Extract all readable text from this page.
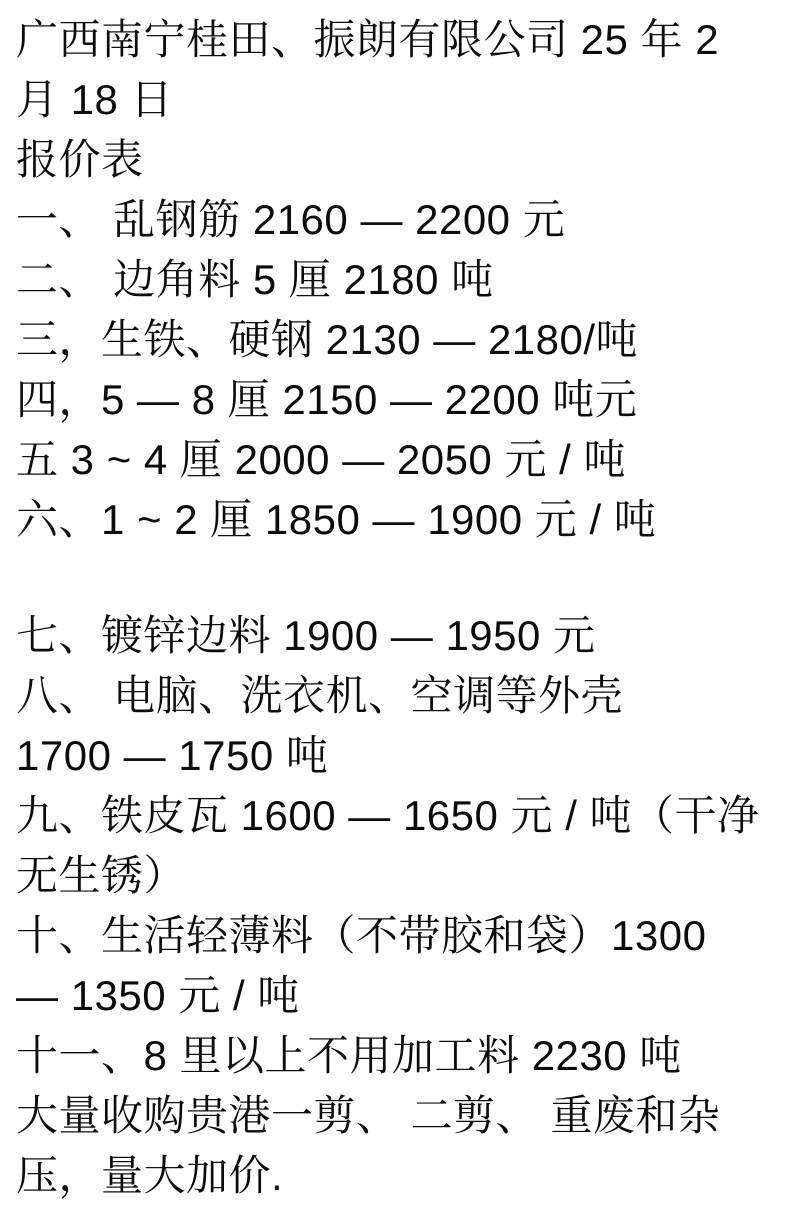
广西南宁桂田、振朗有限公司 25 年 2
月 18 日
报价表
一、 乱钢筋 2160 — 2200 元
二、 边角料 5 厘 2180 吨
三，生铁、硬钢 2130 — 2180/吨
四，5 — 8 厘 2150 — 2200 吨元
五 3 ~ 4 厘 2000 — 2050 元 / 吨
六、1 ~ 2 厘 1850 — 1900 元 / 吨
七、镀锌边料 1900 — 1950 元
八、 电脑、洗衣机、空调等外壳
1700 — 1750 吨
九、铁皮瓦 1600 — 1650 元 / 吨（干净
无生锈）
十、生活轻薄料（不带胶和袋）1300
— 1350 元 / 吨
十一、8 里以上不用加工料 2230 吨
大量收购贵港一剪、 二剪、 重废和杂
压，量大加价.
